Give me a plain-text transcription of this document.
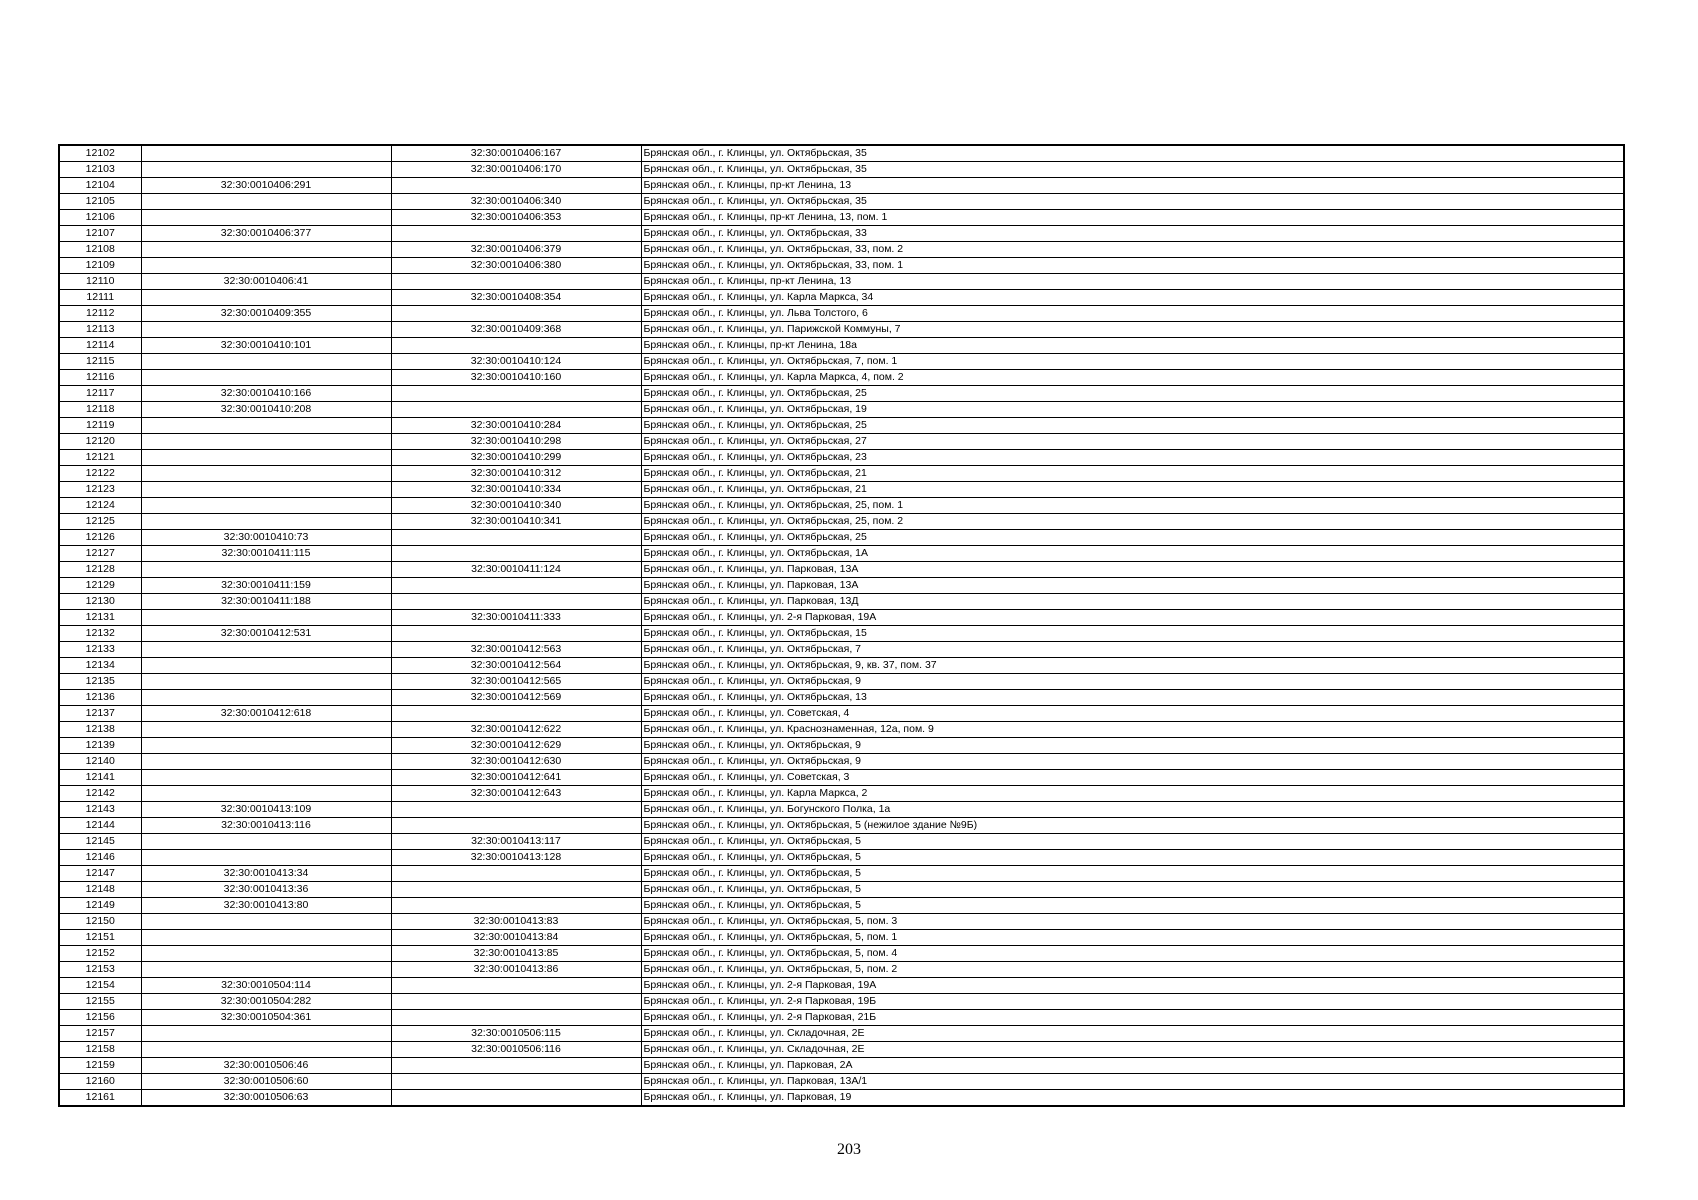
12102		32:30:0010406:167	Брянская обл., г. Клинцы, ул. Октябрьская, 35
12103		32:30:0010406:170	Брянская обл., г. Клинцы, ул. Октябрьская, 35
12104	32:30:0010406:291		Брянская обл., г. Клинцы, пр-кт Ленина, 13
12105		32:30:0010406:340	Брянская обл., г. Клинцы, ул. Октябрьская, 35
12106		32:30:0010406:353	Брянская обл., г. Клинцы, пр-кт Ленина, 13, пом. 1
12107	32:30:0010406:377		Брянская обл., г. Клинцы, ул. Октябрьская, 33
12108		32:30:0010406:379	Брянская обл., г. Клинцы, ул. Октябрьская, 33, пом. 2
12109		32:30:0010406:380	Брянская обл., г. Клинцы, ул. Октябрьская, 33, пом. 1
12110	32:30:0010406:41		Брянская обл., г. Клинцы, пр-кт Ленина, 13
12111		32:30:0010408:354	Брянская обл., г. Клинцы, ул. Карла Маркса, 34
12112	32:30:0010409:355		Брянская обл., г. Клинцы, ул. Льва Толстого, 6
12113		32:30:0010409:368	Брянская обл., г. Клинцы, ул. Парижской Коммуны, 7
12114	32:30:0010410:101		Брянская обл., г. Клинцы, пр-кт Ленина, 18а
12115		32:30:0010410:124	Брянская обл., г. Клинцы, ул. Октябрьская, 7, пом. 1
12116		32:30:0010410:160	Брянская обл., г. Клинцы, ул. Карла Маркса, 4, пом. 2
12117	32:30:0010410:166		Брянская обл., г. Клинцы, ул. Октябрьская, 25
12118	32:30:0010410:208		Брянская обл., г. Клинцы, ул. Октябрьская, 19
12119		32:30:0010410:284	Брянская обл., г. Клинцы, ул. Октябрьская, 25
12120		32:30:0010410:298	Брянская обл., г. Клинцы, ул. Октябрьская, 27
12121		32:30:0010410:299	Брянская обл., г. Клинцы, ул. Октябрьская, 23
12122		32:30:0010410:312	Брянская обл., г. Клинцы, ул. Октябрьская, 21
12123		32:30:0010410:334	Брянская обл., г. Клинцы, ул. Октябрьская, 21
12124		32:30:0010410:340	Брянская обл., г. Клинцы, ул. Октябрьская, 25, пом. 1
12125		32:30:0010410:341	Брянская обл., г. Клинцы, ул. Октябрьская, 25, пом. 2
12126	32:30:0010410:73		Брянская обл., г. Клинцы, ул. Октябрьская, 25
12127	32:30:0010411:115		Брянская обл., г. Клинцы, ул. Октябрьская, 1А
12128		32:30:0010411:124	Брянская обл., г. Клинцы, ул. Парковая, 13А
12129	32:30:0010411:159		Брянская обл., г. Клинцы, ул. Парковая, 13А
12130	32:30:0010411:188		Брянская обл., г. Клинцы, ул. Парковая, 13Д
12131		32:30:0010411:333	Брянская обл., г. Клинцы, ул. 2-я Парковая, 19А
12132	32:30:0010412:531		Брянская обл., г. Клинцы, ул. Октябрьская, 15
12133		32:30:0010412:563	Брянская обл., г. Клинцы, ул. Октябрьская, 7
12134		32:30:0010412:564	Брянская обл., г. Клинцы, ул. Октябрьская, 9, кв. 37, пом. 37
12135		32:30:0010412:565	Брянская обл., г. Клинцы, ул. Октябрьская, 9
12136		32:30:0010412:569	Брянская обл., г. Клинцы, ул. Октябрьская, 13
12137	32:30:0010412:618		Брянская обл., г. Клинцы, ул. Советская, 4
12138		32:30:0010412:622	Брянская обл., г. Клинцы, ул. Краснознаменная, 12а, пом. 9
12139		32:30:0010412:629	Брянская обл., г. Клинцы, ул. Октябрьская, 9
12140		32:30:0010412:630	Брянская обл., г. Клинцы, ул. Октябрьская, 9
12141		32:30:0010412:641	Брянская обл., г. Клинцы, ул. Советская, 3
12142		32:30:0010412:643	Брянская обл., г. Клинцы, ул. Карла Маркса, 2
12143	32:30:0010413:109		Брянская обл., г. Клинцы, ул. Богунского Полка, 1а
12144	32:30:0010413:116		Брянская обл., г. Клинцы, ул. Октябрьская, 5 (нежилое здание №9Б)
12145		32:30:0010413:117	Брянская обл., г. Клинцы, ул. Октябрьская, 5
12146		32:30:0010413:128	Брянская обл., г. Клинцы, ул. Октябрьская, 5
12147	32:30:0010413:34		Брянская обл., г. Клинцы, ул. Октябрьская, 5
12148	32:30:0010413:36		Брянская обл., г. Клинцы, ул. Октябрьская, 5
12149	32:30:0010413:80		Брянская обл., г. Клинцы, ул. Октябрьская, 5
12150		32:30:0010413:83	Брянская обл., г. Клинцы, ул. Октябрьская, 5, пом. 3
12151		32:30:0010413:84	Брянская обл., г. Клинцы, ул. Октябрьская, 5, пом. 1
12152		32:30:0010413:85	Брянская обл., г. Клинцы, ул. Октябрьская, 5, пом. 4
12153		32:30:0010413:86	Брянская обл., г. Клинцы, ул. Октябрьская, 5, пом. 2
12154	32:30:0010504:114		Брянская обл., г. Клинцы, ул. 2-я Парковая, 19А
12155	32:30:0010504:282		Брянская обл., г. Клинцы, ул. 2-я Парковая, 19Б
12156	32:30:0010504:361		Брянская обл., г. Клинцы, ул. 2-я Парковая, 21Б
12157		32:30:0010506:115	Брянская обл., г. Клинцы, ул. Складочная, 2Е
12158		32:30:0010506:116	Брянская обл., г. Клинцы, ул. Складочная, 2Е
12159	32:30:0010506:46		Брянская обл., г. Клинцы, ул. Парковая, 2А
12160	32:30:0010506:60		Брянская обл., г. Клинцы, ул. Парковая, 13А/1
12161	32:30:0010506:63		Брянская обл., г. Клинцы, ул. Парковая, 19
203
